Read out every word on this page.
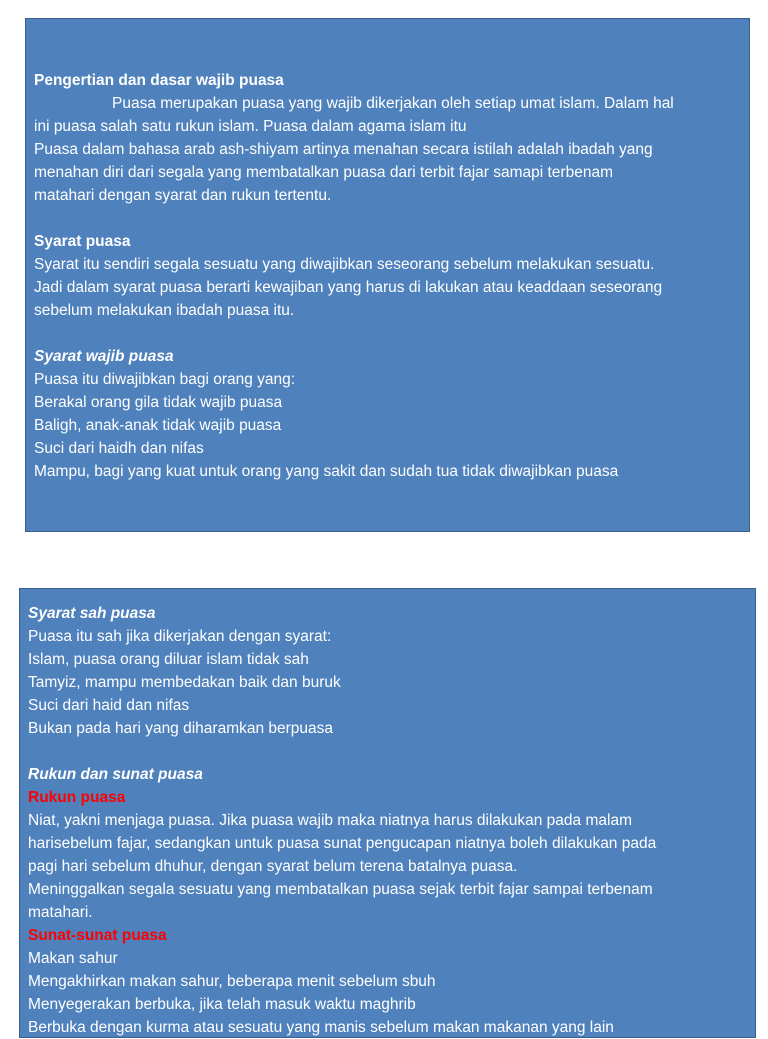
Pengertian dan dasar wajib puasa
Puasa merupakan puasa yang wajib dikerjakan oleh setiap umat islam. Dalam hal
ini puasa salah satu rukun islam. Puasa dalam agama islam itu
Puasa dalam bahasa arab ash-shiyam artinya menahan secara istilah adalah ibadah yang
menahan diri dari segala yang membatalkan puasa dari terbit fajar samapi terbenam
matahari dengan syarat dan rukun tertentu.
Syarat puasa
Syarat itu sendiri segala sesuatu yang diwajibkan seseorang sebelum melakukan sesuatu.
Jadi dalam syarat puasa berarti kewajiban yang harus di lakukan atau keaddaan seseorang
sebelum melakukan ibadah puasa itu.
Syarat wajib puasa
Puasa itu diwajibkan bagi orang yang:
Berakal orang gila tidak wajib puasa
Baligh, anak-anak tidak wajib puasa
Suci dari haidh dan nifas
Mampu, bagi yang kuat untuk orang yang sakit dan sudah tua tidak diwajibkan puasa
Syarat sah puasa
Puasa itu sah jika dikerjakan dengan syarat:
Islam, puasa orang diluar islam tidak sah
Tamyiz, mampu membedakan baik dan buruk
Suci dari haid dan nifas
Bukan pada hari yang diharamkan berpuasa
Rukun dan sunat puasa
Rukun puasa
Niat, yakni menjaga puasa. Jika puasa wajib maka niatnya harus dilakukan pada malam
harisebelum fajar, sedangkan untuk puasa sunat pengucapan niatnya boleh dilakukan pada
pagi hari sebelum dhuhur, dengan syarat belum terena batalnya puasa.
Meninggalkan segala sesuatu yang membatalkan puasa sejak terbit fajar sampai terbenam
matahari.
Sunat-sunat puasa
Makan sahur
Mengakhirkan makan sahur, beberapa menit sebelum sbuh
Menyegerakan berbuka, jika telah masuk waktu maghrib
Berbuka dengan kurma atau sesuatu yang manis sebelum makan makanan yang lain
